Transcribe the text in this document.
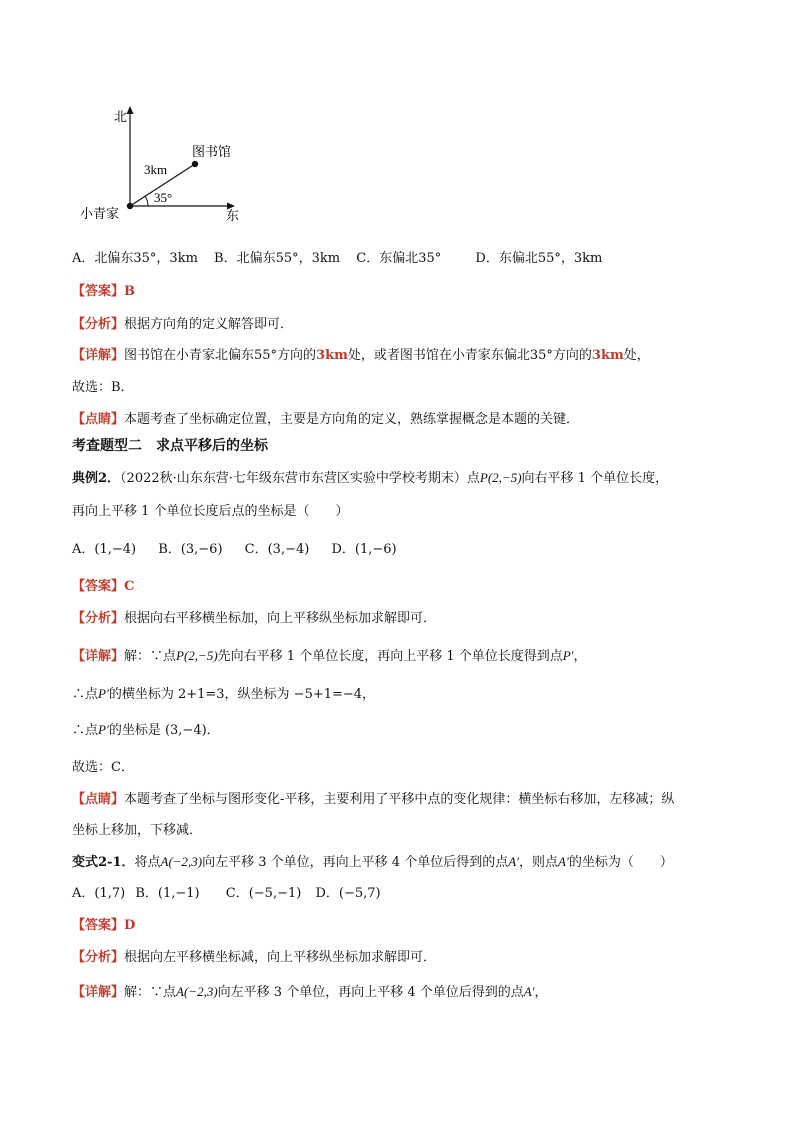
北
东
小青家
图书馆
3km
35°
A．北偏东35°，3km B．北偏东55°，3km C．东偏北35°	D．东偏北55°，3km
【答案】B
【分析】根据方向角的定义解答即可．
【详解】图书馆在小青家北偏东55°方向的3km处，或者图书馆在小青家东偏北35°方向的3km处，
故选：B．
【点睛】本题考查了坐标确定位置，主要是方向角的定义，熟练掌握概念是本题的关键．
考查题型二　求点平移后的坐标
典例2．（2022秋·山东东营·七年级东营市东营区实验中学校考期末）点P(2,−5)向右平移 1 个单位长度，
再向上平移 1 个单位长度后点的坐标是（　　）
A．(1,−4) B．(3,−6) C．(3,−4) D．(1,−6)
【答案】C
【分析】根据向右平移横坐标加，向上平移纵坐标加求解即可．
【详解】解：∵点P(2,−5)先向右平移 1 个单位长度，再向上平移 1 个单位长度得到点P′，
∴点P′的横坐标为 2+1=3，纵坐标为 −5+1=−4，
∴点P′的坐标是 (3,−4)．
故选：C．
【点睛】本题考查了坐标与图形变化-平移，主要利用了平移中点的变化规律：横坐标右移加，左移减；纵
坐标上移加，下移减．
变式2-1．将点A(−2,3)向左平移 3 个单位，再向上平移 4 个单位后得到的点A′，则点A′的坐标为（　　）
A．(1,7) B．(1,−1) C．(−5,−1) D．(−5,7)
【答案】D
【分析】根据向左平移横坐标减，向上平移纵坐标加求解即可．
【详解】解：∵点A(−2,3)向左平移 3 个单位，再向上平移 4 个单位后得到的点A′，
